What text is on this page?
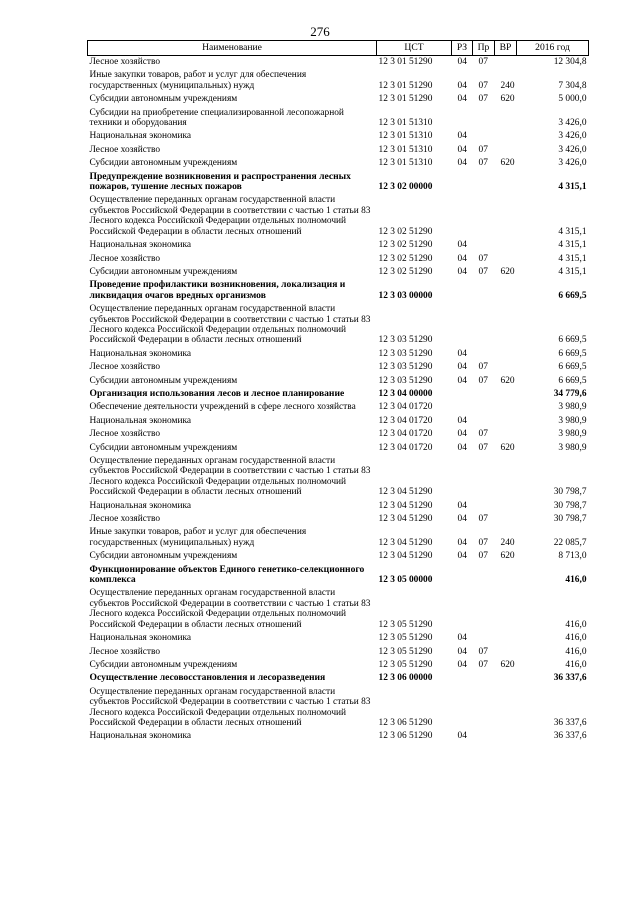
276
Наименование	ЦСТ	РЗ	Пр	ВР	2016 год
Лесное хозяйство	12 3 01 51290	04	07		12 304,8
Иные закупки товаров, работ и услуг для обеспечения государственных (муниципальных) нужд	12 3 01 51290	04	07	240	7 304,8
Субсидии автономным учреждениям	12 3 01 51290	04	07	620	5 000,0
Субсидии на приобретение специализированной лесопожарной техники и оборудования	12 3 01 51310				3 426,0
Национальная экономика	12 3 01 51310	04			3 426,0
Лесное хозяйство	12 3 01 51310	04	07		3 426,0
Субсидии автономным учреждениям	12 3 01 51310	04	07	620	3 426,0
Предупреждение возникновения и распространения лесных пожаров, тушение лесных пожаров	12 3 02 00000				4 315,1
Осуществление переданных органам государственной власти субъектов Российской Федерации в соответствии с частью 1 статьи 83 Лесного кодекса Российской Федерации отдельных полномочий Российской Федерации в области лесных отношений	12 3 02 51290				4 315,1
Национальная экономика	12 3 02 51290	04			4 315,1
Лесное хозяйство	12 3 02 51290	04	07		4 315,1
Субсидии автономным учреждениям	12 3 02 51290	04	07	620	4 315,1
Проведение профилактики возникновения, локализация и ликвидация очагов вредных организмов	12 3 03 00000				6 669,5
Осуществление переданных органам государственной власти субъектов Российской Федерации в соответствии с частью 1 статьи 83 Лесного кодекса Российской Федерации отдельных полномочий Российской Федерации в области лесных отношений	12 3 03 51290				6 669,5
Национальная экономика	12 3 03 51290	04			6 669,5
Лесное хозяйство	12 3 03 51290	04	07		6 669,5
Субсидии автономным учреждениям	12 3 03 51290	04	07	620	6 669,5
Организация использования лесов и лесное планирование	12 3 04 00000				34 779,6
Обеспечение деятельности учреждений в сфере лесного хозяйства	12 3 04 01720				3 980,9
Национальная экономика	12 3 04 01720	04			3 980,9
Лесное хозяйство	12 3 04 01720	04	07		3 980,9
Субсидии автономным учреждениям	12 3 04 01720	04	07	620	3 980,9
Осуществление переданных органам государственной власти субъектов Российской Федерации в соответствии с частью 1 статьи 83 Лесного кодекса Российской Федерации отдельных полномочий Российской Федерации в области лесных отношений	12 3 04 51290				30 798,7
Национальная экономика	12 3 04 51290	04			30 798,7
Лесное хозяйство	12 3 04 51290	04	07		30 798,7
Иные закупки товаров, работ и услуг для обеспечения государственных (муниципальных) нужд	12 3 04 51290	04	07	240	22 085,7
Субсидии автономным учреждениям	12 3 04 51290	04	07	620	8 713,0
Функционирование объектов Единого генетико-селекционного комплекса	12 3 05 00000				416,0
Осуществление переданных органам государственной власти субъектов Российской Федерации в соответствии с частью 1 статьи 83 Лесного кодекса Российской Федерации отдельных полномочий Российской Федерации в области лесных отношений	12 3 05 51290				416,0
Национальная экономика	12 3 05 51290	04			416,0
Лесное хозяйство	12 3 05 51290	04	07		416,0
Субсидии автономным учреждениям	12 3 05 51290	04	07	620	416,0
Осуществление лесовосстановления и лесоразведения	12 3 06 00000				36 337,6
Осуществление переданных органам государственной власти субъектов Российской Федерации в соответствии с частью 1 статьи 83 Лесного кодекса Российской Федерации отдельных полномочий Российской Федерации в области лесных отношений	12 3 06 51290				36 337,6
Национальная экономика	12 3 06 51290	04			36 337,6
